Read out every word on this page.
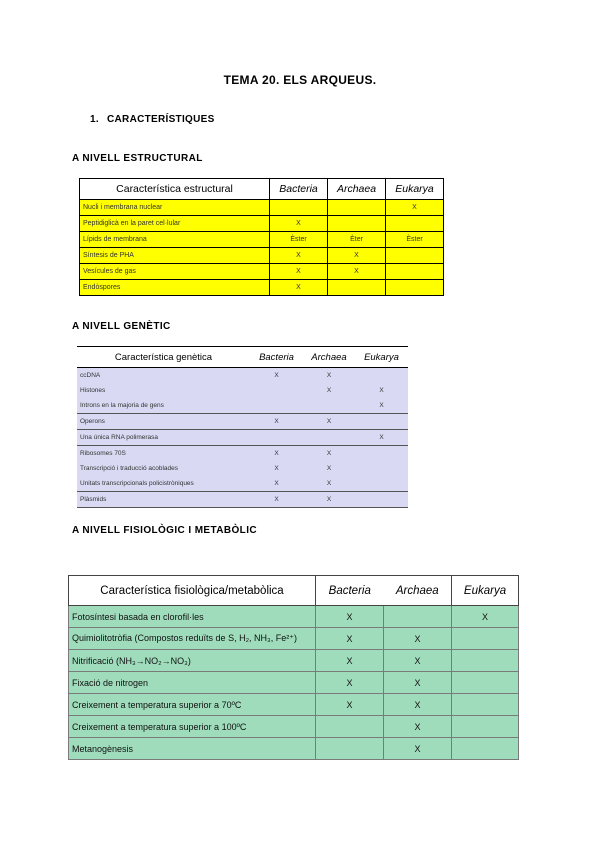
TEMA 20. ELS ARQUEUS.
1. CARACTERÍSTIQUES
A NIVELL ESTRUCTURAL
Característica estructural	Bacteria	Archaea	Eukarya
Nucli i membrana nuclear			X
Peptidiglicà en la paret cel·lular	X		
Lípids de membrana	Èster	Èter	Èster
Síntesis de PHA	X	X	
Vesícules de gas	X	X	
Endòspores	X		
A NIVELL GENÈTIC
Característica genètica	Bacteria	Archaea	Eukarya
ccDNA	X	X	
Histones		X	X
Introns en la majoria de gens			X
Operons	X	X	
Una única RNA polimerasa			X
Ribosomes 70S	X	X	
Transcripció i traducció acoblades	X	X	
Unitats transcripcionals policistròniques	X	X	
Plàsmids	X	X	
A NIVELL FISIOLÒGIC I METABÒLIC
Característica fisiològica/metabòlica	Bacteria	Archaea	Eukarya
Fotosíntesi basada en clorofil·les	X		X
Quimiolitotròfia (Compostos reduïts de S, H₂, NH₃, Fe²⁺)	X	X	
Nitrificació (NH₃→NO₂→NO₃)	X	X	
Fixació de nitrogen	X	X	
Creixement a temperatura superior a 70ºC	X	X	
Creixement a temperatura superior a 100ºC		X	
Metanogènesis		X	
